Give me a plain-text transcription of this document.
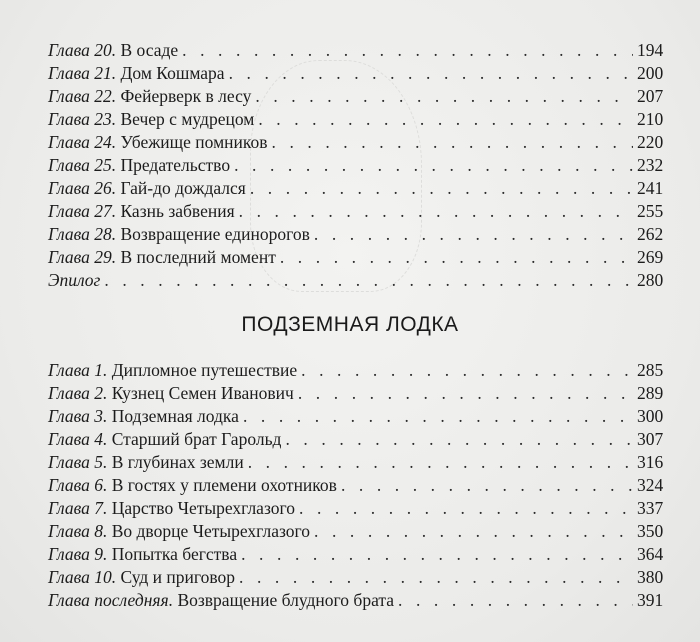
Глава 20. В осаде . . .	194
Глава 21. Дом Кошмара . . .	200
Глава 22. Фейерверк в лесу . . .	207
Глава 23. Вечер с мудрецом . . .	210
Глава 24. Убежище помников . . .	220
Глава 25. Предательство . . .	232
Глава 26. Гай-до дождался . . .	241
Глава 27. Казнь забвения . . .	255
Глава 28. Возвращение единорогов . . .	262
Глава 29. В последний момент . . .	269
Эпилог . . .	280
ПОДЗЕМНАЯ ЛОДКА
Глава 1. Дипломное путешествие . . .	285
Глава 2. Кузнец Семен Иванович . . .	289
Глава 3. Подземная лодка . . .	300
Глава 4. Старший брат Гарольд . . .	307
Глава 5. В глубинах земли . . .	316
Глава 6. В гостях у племени охотников . . .	324
Глава 7. Царство Четырехглазого . . .	337
Глава 8. Во дворце Четырехглазого . . .	350
Глава 9. Попытка бегства . . .	364
Глава 10. Суд и приговор . . .	380
Глава последняя. Возвращение блудного брата . . .	391
